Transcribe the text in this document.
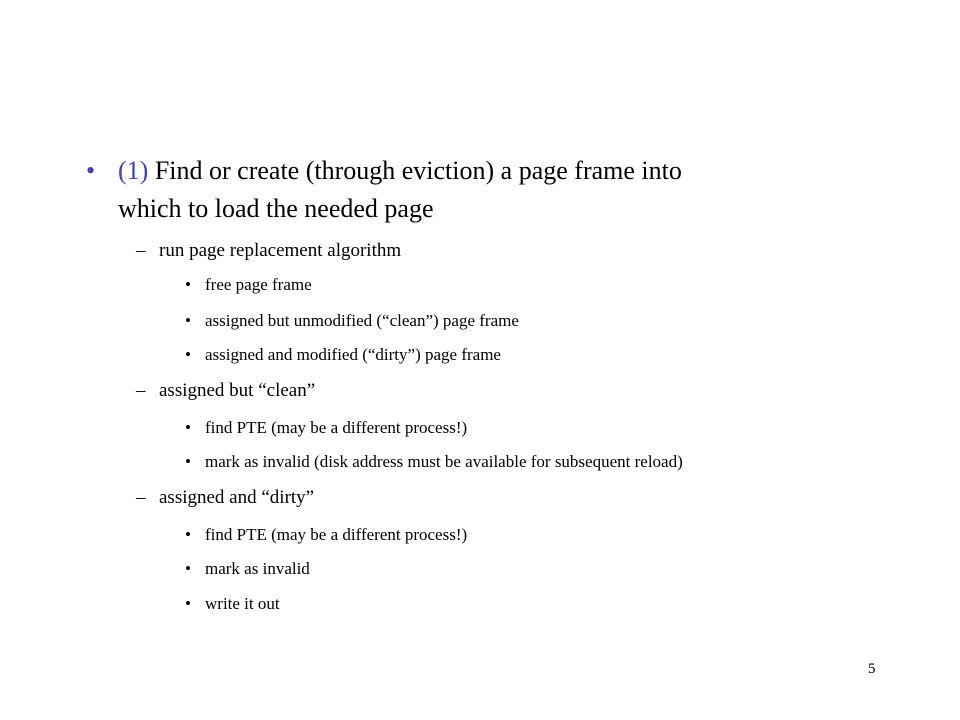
• (1) Find or create (through eviction) a page frame into
which to load the needed page
– run page replacement algorithm
• free page frame
• assigned but unmodified (“clean”) page frame
• assigned and modified (“dirty”) page frame
– assigned but “clean”
• find PTE (may be a different process!)
• mark as invalid (disk address must be available for subsequent reload)
– assigned and “dirty”
• find PTE (may be a different process!)
• mark as invalid
• write it out
5
